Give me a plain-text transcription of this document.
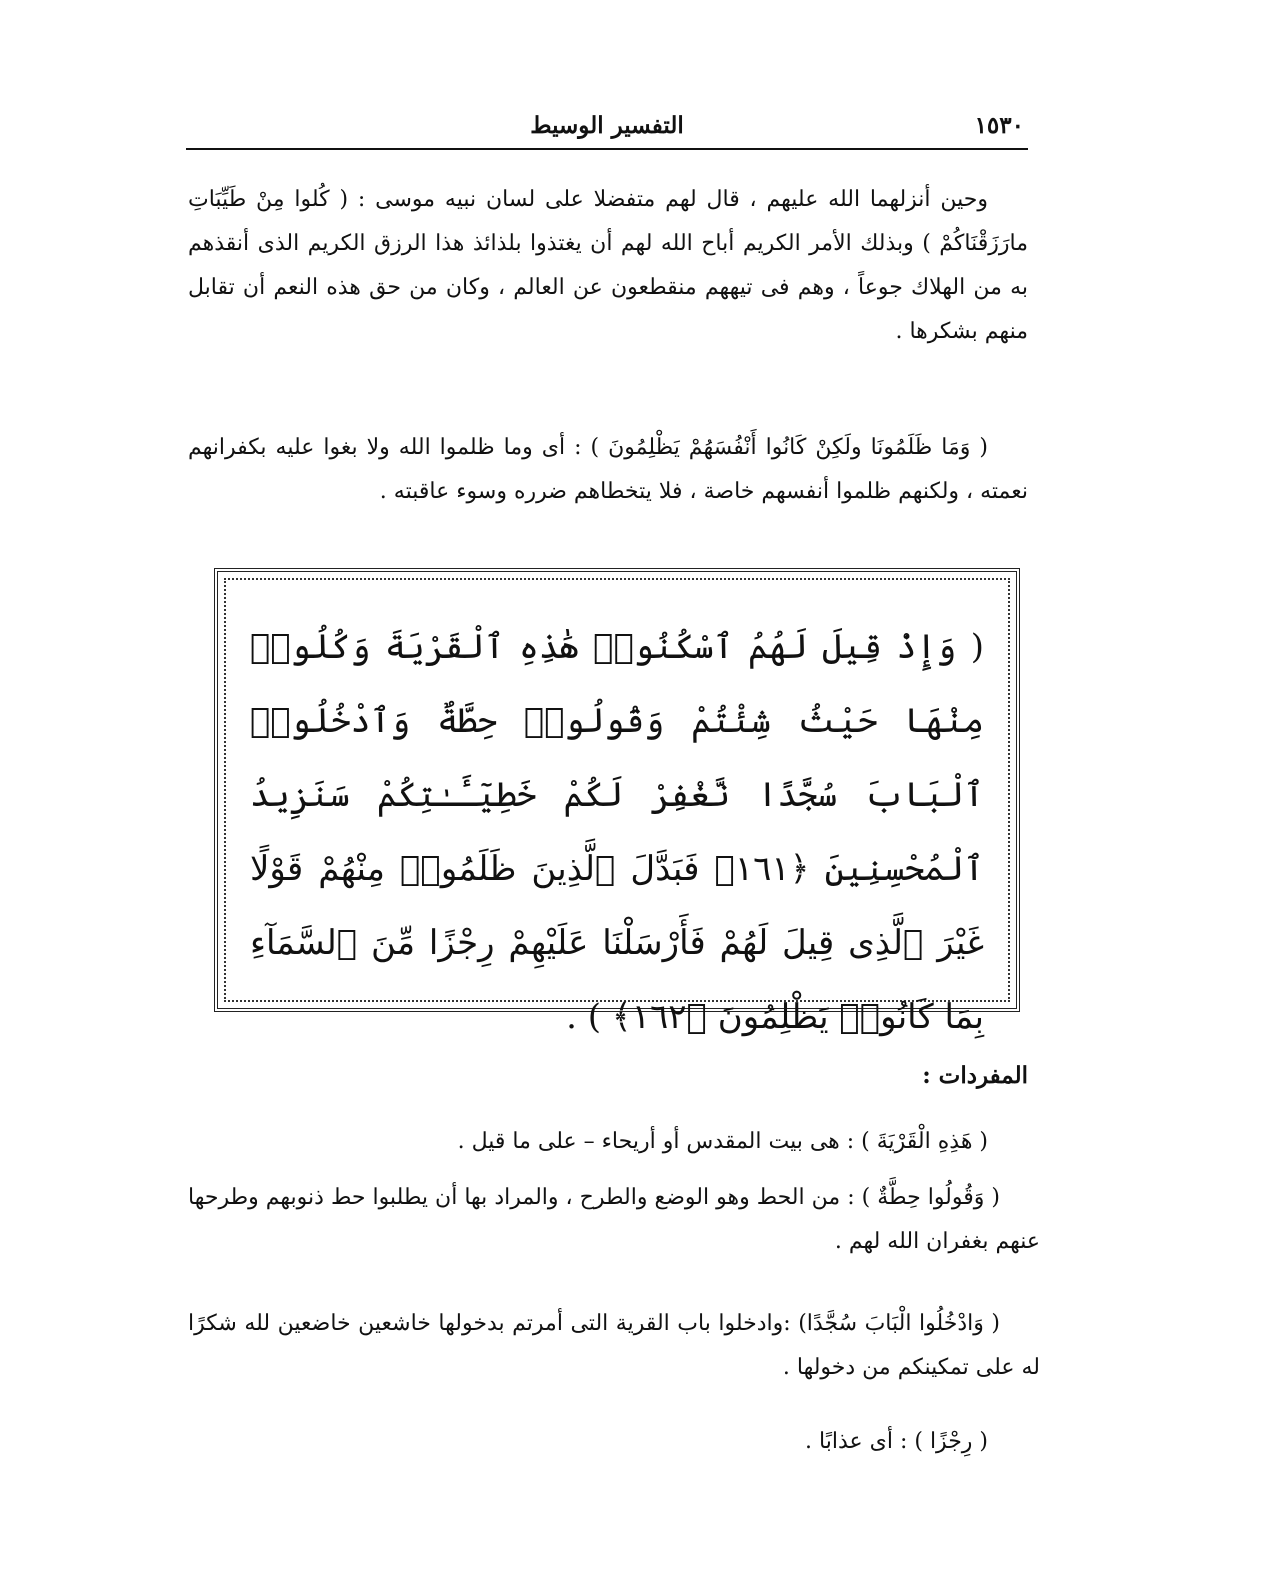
التفسير الوسيط	١٥٣٠

وحين أنزلهما الله عليهم ، قال لهم متفضلا على لسان نبيه موسى : ( كُلوا مِنْ طَيِّبَاتِ مارَزَقْنَاكُمْ ) وبذلك الأمر الكريم أباح الله لهم أن يغتذوا بلذائذ هذا الرزق الكريم الذى أنقذهم به من الهلاك جوعاً ، وهم فى تيههم منقطعون عن العالم ، وكان من حق هذه النعم أن تقابل منهم بشكرها .

( وَمَا ظَلَمُونَا ولَكِنْ كَانُوا أَنْفُسَهُمْ يَظْلِمُونَ ) : أى وما ظلموا الله ولا بغوا عليه بكفرانهم نعمته ، ولكنهم ظلموا أنفسهم خاصة ، فلا يتخطاهم ضرره وسوء عاقبته .

( وَإِذْ قِيلَ لَهُمُ ٱسْكُنُوا۟ هَٰذِهِ ٱلْقَرْيَةَ وَكُلُوا۟ مِنْهَا حَيْثُ شِئْتُمْ وَقُولُوا۟ حِطَّةٌ وَٱدْخُلُوا۟ ٱلْبَابَ سُجَّدًا نَّغْفِرْ لَكُمْ خَطِيٓـَٔـٰتِكُمْ سَنَزِيدُ ٱلْمُحْسِنِينَ ﴿١٦١﴾ فَبَدَّلَ ٱلَّذِينَ ظَلَمُوا۟ مِنْهُمْ قَوْلًا غَيْرَ ٱلَّذِى قِيلَ لَهُمْ فَأَرْسَلْنَا عَلَيْهِمْ رِجْزًا مِّنَ ٱلسَّمَآءِ بِمَا كَانُوا۟ يَظْلِمُونَ ﴿١٦٢﴾ ) .

المفردات :

( هَذِهِ الْقَرْيَةَ ) : هى بيت المقدس أو أريحاء – على ما قيل .

( وَقُولُوا حِطَّةٌ ) : من الحط وهو الوضع والطرح ، والمراد بها أن يطلبوا حط ذنوبهم وطرحها عنهم بغفران الله لهم .

( وَادْخُلُوا الْبَابَ سُجَّدًا) :وادخلوا باب القرية التى أمرتم بدخولها خاشعين خاضعين لله شكرًا له على تمكينكم من دخولها .

( رِجْزًا ) : أى عذابًا .
